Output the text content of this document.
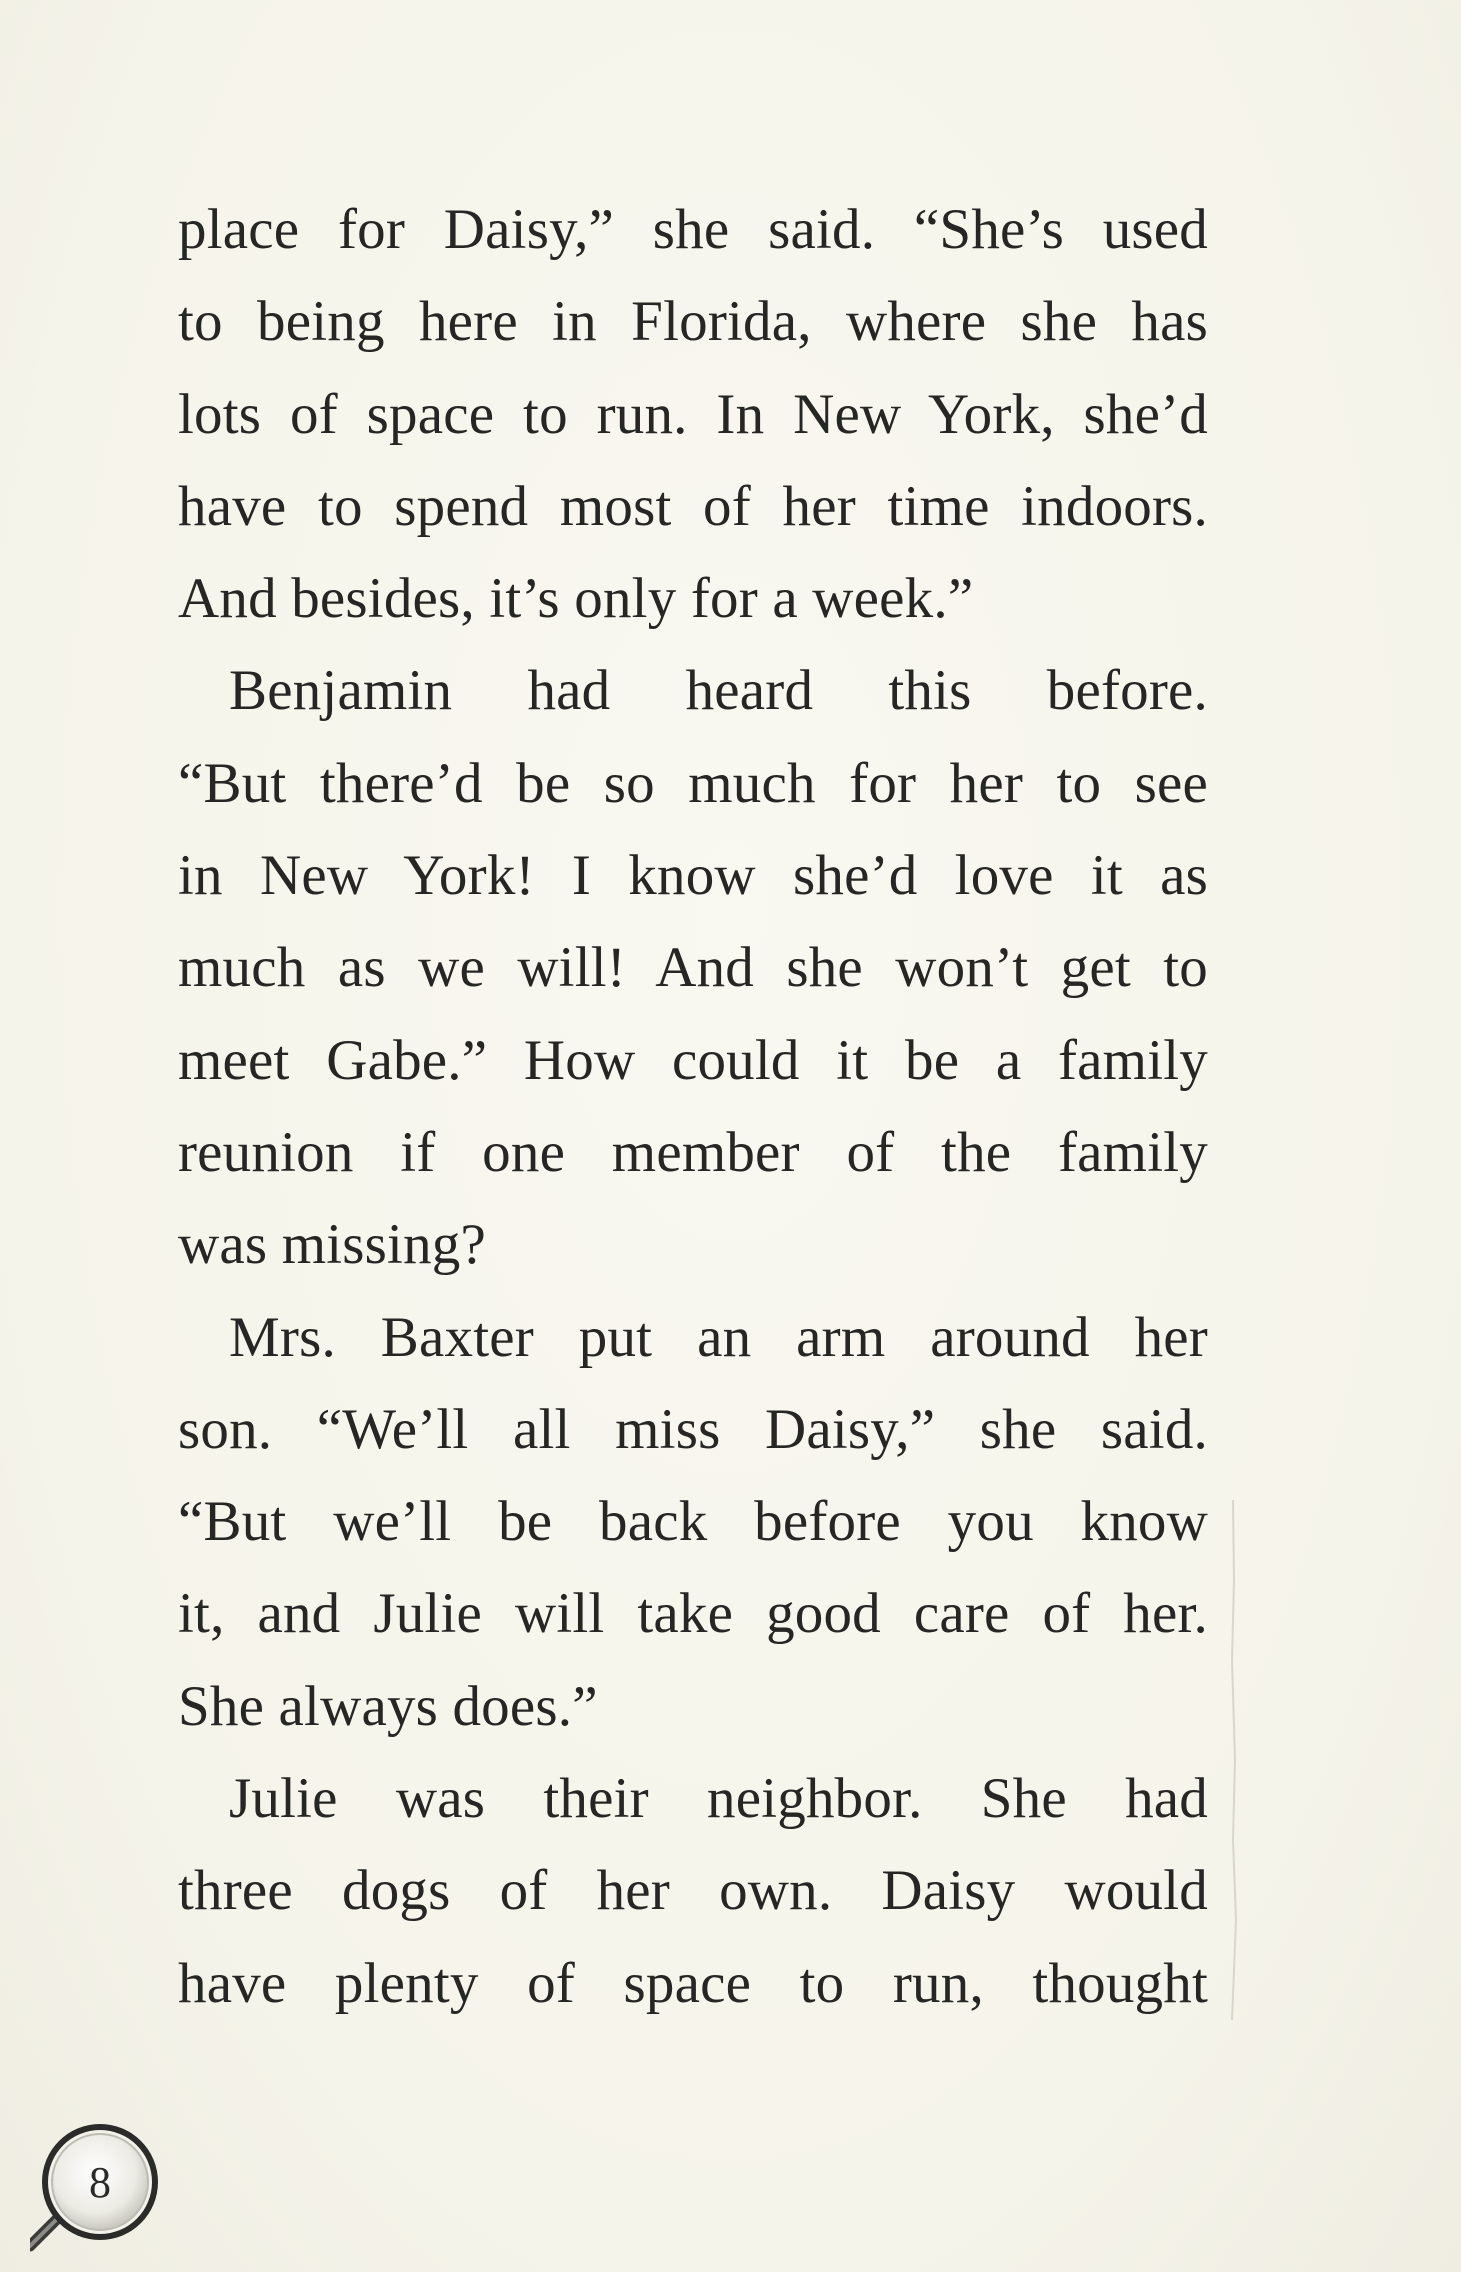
place for Daisy,” she said. “She’s used
to being here in Florida, where she has
lots of space to run. In New York, she’d
have to spend most of her time indoors.
And besides, it’s only for a week.”
Benjamin had heard this before.
“But there’d be so much for her to see
in New York! I know she’d love it as
much as we will! And she won’t get to
meet Gabe.” How could it be a family
reunion if one member of the family
was missing?
Mrs. Baxter put an arm around her
son. “We’ll all miss Daisy,” she said.
“But we’ll be back before you know
it, and Julie will take good care of her.
She always does.”
Julie was their neighbor. She had
three dogs of her own. Daisy would
have plenty of space to run, thought
8
